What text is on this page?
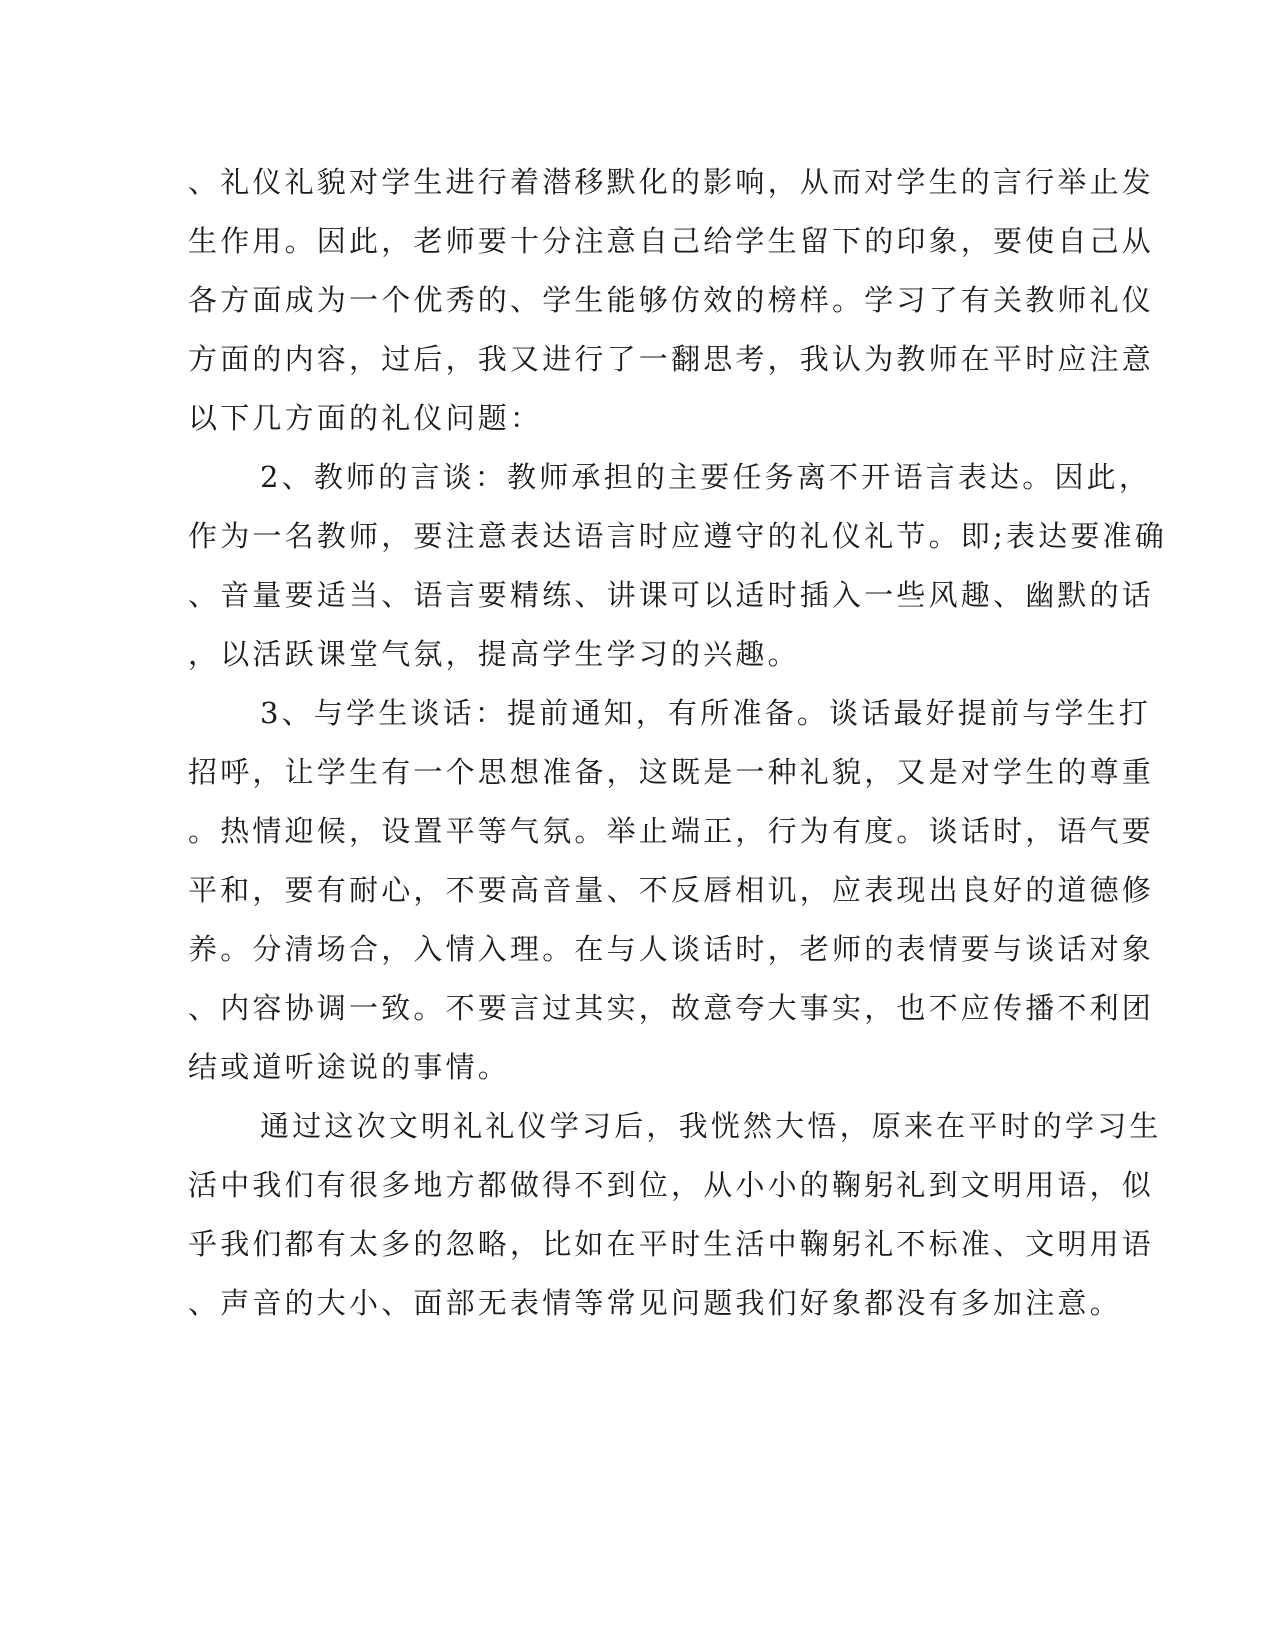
、礼仪礼貌对学生进行着潜移默化的影响，从而对学生的言行举止发
生作用。因此，老师要十分注意自己给学生留下的印象，要使自己从
各方面成为一个优秀的、学生能够仿效的榜样。学习了有关教师礼仪
方面的内容，过后，我又进行了一翻思考，我认为教师在平时应注意
以下几方面的礼仪问题：
2、教师的言谈：教师承担的主要任务离不开语言表达。因此，
作为一名教师，要注意表达语言时应遵守的礼仪礼节。即;表达要准确
、音量要适当、语言要精练、讲课可以适时插入一些风趣、幽默的话
，以活跃课堂气氛，提高学生学习的兴趣。
3、与学生谈话：提前通知，有所准备。谈话最好提前与学生打
招呼，让学生有一个思想准备，这既是一种礼貌，又是对学生的尊重
。热情迎候，设置平等气氛。举止端正，行为有度。谈话时，语气要
平和，要有耐心，不要高音量、不反唇相讥，应表现出良好的道德修
养。分清场合，入情入理。在与人谈话时，老师的表情要与谈话对象
、内容协调一致。不要言过其实，故意夸大事实，也不应传播不利团
结或道听途说的事情。
通过这次文明礼礼仪学习后，我恍然大悟，原来在平时的学习生
活中我们有很多地方都做得不到位，从小小的鞠躬礼到文明用语，似
乎我们都有太多的忽略，比如在平时生活中鞠躬礼不标准、文明用语
、声音的大小、面部无表情等常见问题我们好象都没有多加注意。
